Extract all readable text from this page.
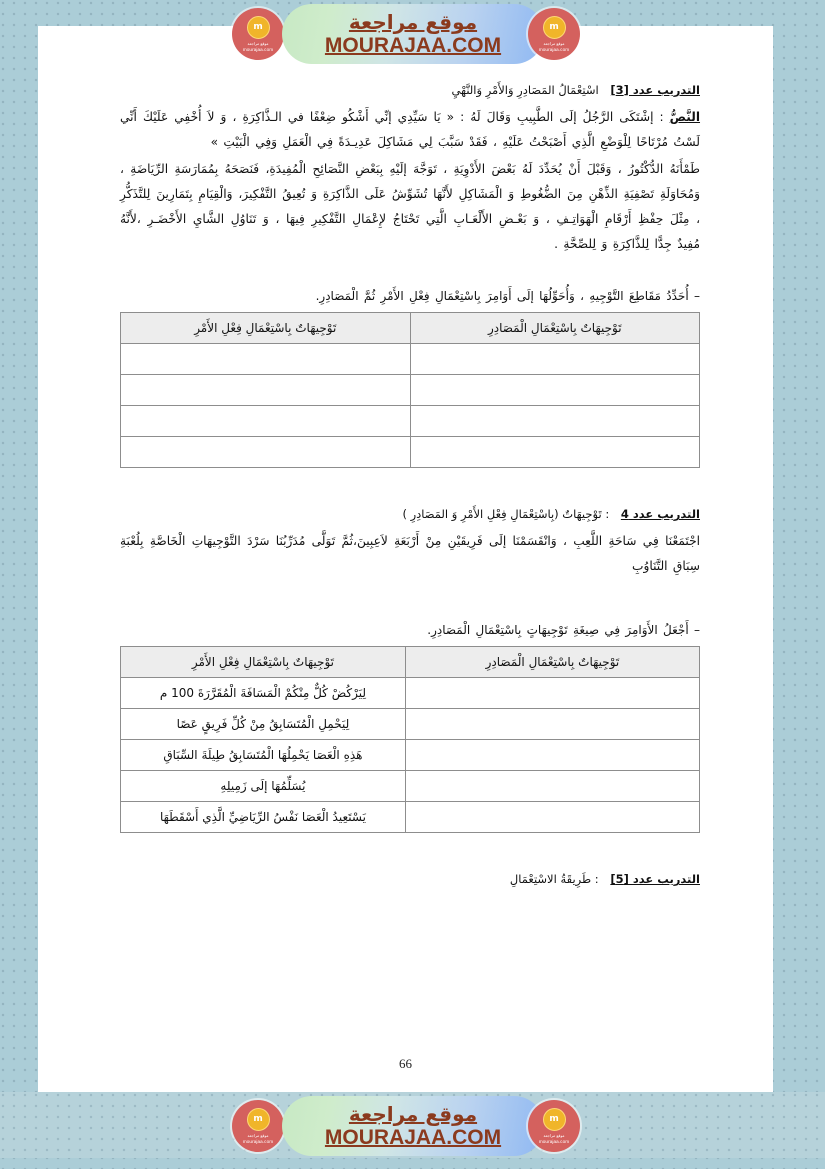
التدريب عدد [3] اسْتِعْمَالُ المَصَادِرِ وَالأَمْرِ وَالنَّهْيِ

النَّصُّ : إشْتَكَى الرَّجُلُ إلَى الطَّبِيبِ وَقَالَ لَهُ : « يَا سَيِّدِي إنِّي أَشْكُو ضِعْفًا في الـذَّاكِرَةِ ، وَ لاَ أُخْفِي عَلَيْكَ أَنِّي لَسْتُ مُرْتَاحًا لِلْوَضْعِ الَّذِي أَصْبَحْتُ عَلَيْهِ ، فَقَدْ سَبَّبَ لِي مَشَاكِلَ عَدِيـدَةً فِي الْعَمَلِ وَفِي الْبَيْتِ »

طَمْأَنَهُ الدُّكْتُورُ ، وَقَبْلَ أَنْ يُحَدِّدَ لَهُ بَعْضَ الأَدْوِيَةِ ، تَوَجَّهَ إلَيْهِ بِبَعْضِ النَّصَائِحِ الْمُفِيدَةِ، فَنَصَحَهُ بِمُمَارَسَةِ الرِّيَاضَةِ ، وَمُحَاوَلَةِ تَصْفِيَةِ الذِّهْنِ مِنَ الضُّغُوطِ وَ الْمَشَاكِلِ لأَنَّهَا تُشَوِّشُ عَلَى الذَّاكِرَةِ وَ تُعِيقُ التَّفْكِيرَ، وَالْقِيَامِ بِتَمَارِينَ لِلتَّذَكُّرِ ، مِثْلَ حِفْظِ أَرْقَامِ الْهَوَاتِـفِ ، وَ بَعْـضِ الأَلْعَـابِ الَّتِي تَحْتَاجُ لإِعْمَالِ التَّفْكِيرِ فِيهَا ، وَ تَنَاوُلِ الشَّايِ الأَخْضَـرِ ،لأَنَّهُ مُفِيدٌ جِدًّا لِلذَّاكِرَةِ وَ لِلصِّحَّةِ .

– أُحَدِّدُ مَقَاطِعَ التَّوْجِيهِ ، وَأُحَوِّلُهَا إلَى أَوَامِرَ بِاسْتِعْمَالِ فِعْلِ الأَمْرِ ثُمَّ الْمَصَادِرِ.

تَوْجِيهَاتٌ بِاسْتِعْمَالِ الْمَصَادِرِ	تَوْجِيهَاتٌ بِاسْتِعْمَالِ فِعْلِ الأَمْرِ

التدريب عدد 4 : تَوْجِيهَاتٌ (بِاسْتِعْمَالِ فِعْلِ الأَمْرِ وَ المَصَادِرِ )

اجْتَمَعْنَا فِي سَاحَةِ اللَّعِبِ ، وَانْقَسَمْنَا إلَى فَرِيقَيْنِ مِنْ أَرْبَعَةِ لاَعِبِينَ،ثُمَّ تَوَلَّى مُدَرِّبُنَا سَرْدَ التَّوْجِيهَاتِ الْخَاصَّةِ بِلُعْبَةِ سِبَاقِ التَّنَاوُبِ

– أَجْعَلُ الأَوَامِرَ فِي صِيغَةِ تَوْجِيهَاتٍ بِاسْتِعْمَالِ الْمَصَادِرِ.

تَوْجِيهَاتٌ بِاسْتِعْمَالِ الْمَصَادِرِ	تَوْجِيهَاتٌ بِاسْتِعْمَالِ فِعْلِ الأَمْرِ
	لِيَرْكُضْ كُلٌّ مِنْكُمْ الْمَسَافَةَ الْمُقَرَّرَةَ 100 م
	لِيَحْمِلِ الْمُتَسَابِقُ مِنْ كُلِّ فَرِيقٍ عَصًا
	هَذِهِ الْعَصَا يَحْمِلُهَا الْمُتَسَابِقُ طِيلَةَ السِّبَاقِ
	يُسَلِّمُهَا إلَى زَمِيلِهِ
	يَسْتَعِيدُ الْعَصَا نَفْسُ الرِّيَاضِيِّ الَّذِي أَسْقَطَهَا

التدريب عدد [5] : طَرِيقَةُ الاسْتِعْمَالِ

66
m
موقع مراجعة
mourajaa.com
موقع مراجعة
MOURAJAA.COM
m
موقع مراجعة
mourajaa.com
m
موقع مراجعة
mourajaa.com
موقع مراجعة
MOURAJAA.COM
m
موقع مراجعة
mourajaa.com
